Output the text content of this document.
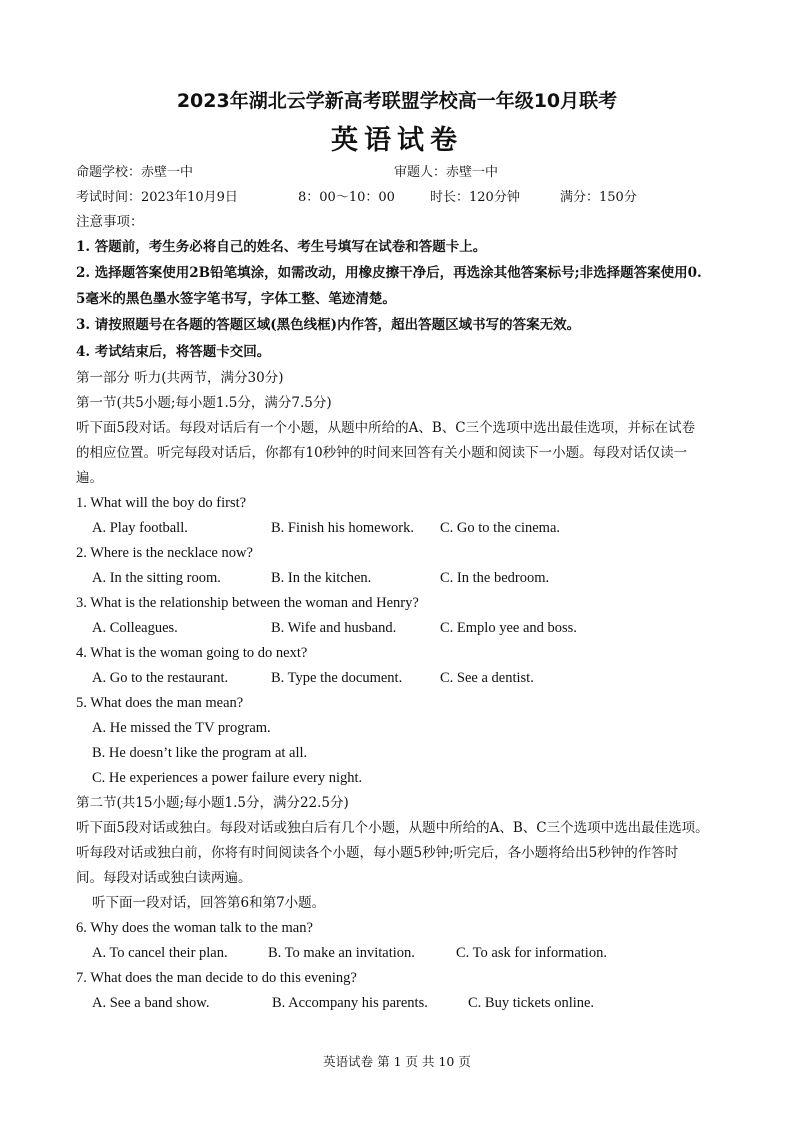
2023年湖北云学新高考联盟学校高一年级10月联考
英语试卷
命题学校：赤壁一中	审题人：赤壁一中
考试时间：2023年10月9日	8：00～10：00	时长：120分钟	满分：150分
注意事项：
1. 答题前，考生务必将自己的姓名、考生号填写在试卷和答题卡上。
2. 选择题答案使用2B铅笔填涂，如需改动，用橡皮擦干净后，再选涂其他答案标号;非选择题答案使用0.
5毫米的黑色墨水签字笔书写，字体工整、笔迹清楚。
3. 请按照题号在各题的答题区域(黑色线框)内作答，超出答题区域书写的答案无效。
4. 考试结束后，将答题卡交回。
第一部分 听力(共两节，满分30分)
第一节(共5小题;每小题1.5分，满分7.5分)
听下面5段对话。每段对话后有一个小题，从题中所给的A、B、C三个选项中选出最佳选项，并标在试卷
的相应位置。听完每段对话后，你都有10秒钟的时间来回答有关小题和阅读下一小题。每段对话仅读一
遍。
1. What will the boy do first?
A. Play football.	B. Finish his homework. C. Go to the cinema.
2. Where is the necklace now?
A. In the sitting room.	B. In the kitchen.	C. In the bedroom.
3. What is the relationship between the woman and Henry?
A. Colleagues.	B. Wife and husband.	C. Emplo yee and boss.
4. What is the woman going to do next?
A. Go to the restaurant.	B. Type the document.	C. See a dentist.
5. What does the man mean?
A. He missed the TV program.
B. He doesn’t like the program at all.
C. He experiences a power failure every night.
第二节(共15小题;每小题1.5分，满分22.5分)
听下面5段对话或独白。每段对话或独白后有几个小题，从题中所给的A、B、C三个选项中选出最佳选项。
听每段对话或独白前，你将有时间阅读各个小题，每小题5秒钟;听完后，各小题将给出5秒钟的作答时
间。每段对话或独白读两遍。
听下面一段对话，回答第6和第7小题。
6. Why does the woman talk to the man?
A. To cancel their plan.	B. To make an invitation.	C. To ask for information.
7. What does the man decide to do this evening?
A. See a band show.	B. Accompany his parents.	C. Buy tickets online.
英语试卷 第 1 页 共 10 页
